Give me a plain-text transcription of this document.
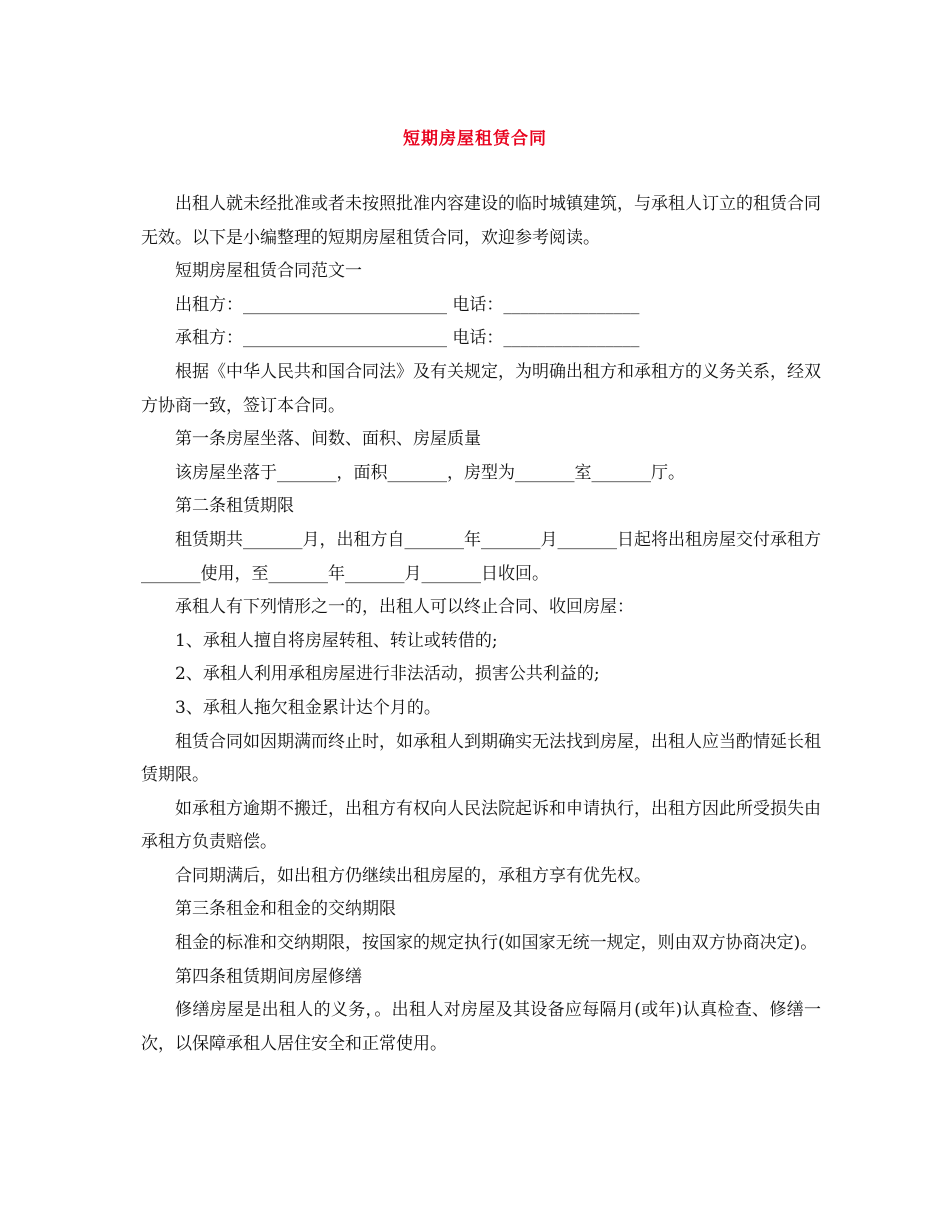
短期房屋租赁合同

出租人就未经批准或者未按照批准内容建设的临时城镇建筑，与承租人订立的租赁合同无效。以下是小编整理的短期房屋租赁合同，欢迎参考阅读。

短期房屋租赁合同范文一

出租方：________________________ 电话：________________

承租方：________________________ 电话：________________

根据《中华人民共和国合同法》及有关规定，为明确出租方和承租方的义务关系，经双方协商一致，签订本合同。

第一条房屋坐落、间数、面积、房屋质量

该房屋坐落于_______，面积_______，房型为_______室_______厅。

第二条租赁期限

租赁期共_______月，出租方自_______年_______月_______日起将出租房屋交付承租方_______使用，至_______年_______月_______日收回。

承租人有下列情形之一的，出租人可以终止合同、收回房屋：

1、承租人擅自将房屋转租、转让或转借的;

2、承租人利用承租房屋进行非法活动，损害公共利益的;

3、承租人拖欠租金累计达个月的。

租赁合同如因期满而终止时，如承租人到期确实无法找到房屋，出租人应当酌情延长租赁期限。

如承租方逾期不搬迁，出租方有权向人民法院起诉和申请执行，出租方因此所受损失由承租方负责赔偿。

合同期满后，如出租方仍继续出租房屋的，承租方享有优先权。

第三条租金和租金的交纳期限

租金的标准和交纳期限，按国家的规定执行(如国家无统一规定，则由双方协商决定)。

第四条租赁期间房屋修缮

修缮房屋是出租人的义务，。出租人对房屋及其设备应每隔月(或年)认真检查、修缮一次，以保障承租人居住安全和正常使用。
